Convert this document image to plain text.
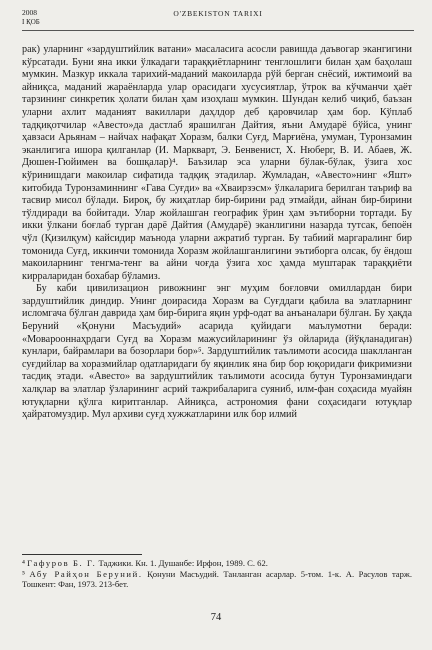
2008
I ҚОБ
O'ZBEKISTON TARIXI

рак) уларнинг «зардуштийлик ватани» масаласига асосли равишда даъвогар экангигини кўрсатади. Буни яна икки ўлкадаги тараққиётларнинг тенглошлиги билан ҳам баҳолаш мумкин. Мазкур иккала тарихий-маданий макоиларда рўй берган снёсий, ижтимоий ва айниқса, маданий жараёнларда улар орасидаги хусусиятлар, ўтрок ва кўчманчи ҳаёт тарзининг синкретик ҳолати билан ҳам изоҳлаш мумкин. Шундан келиб чиқиб, баъзан уларни ахлит маданият вакиллари даҳлдор деб қаровчилар ҳам бор. Кўплаб тадқиқотчилар «Авесто»да дастлаб ярашилган Дайтия, яъни Амударё бўйса, унинг ҳавзаси Арьянам – найчах нафақат Хоразм, балки Суғд, Марғиёна, умуман, Туронзамин эканлигига ишора қилганлар (И. Маркварт, Э. Бенвенист, Х. Нюберг, В. И. Абаев, Ж. Дюшен-Гюйимен ва бошқалар)⁴. Баъзилар эса уларни бўлак-бўлак, ўзига хос кўринишдаги макоилар сифатида тадқиқ этадилар. Жумладан, «Авесто»нинг «Яшт» китобида Туронзаминнинг «Гава Суғди» ва «Хваирзэсм» ўлкаларига берилган таъриф ва тасвир мисол бўлади. Бироқ, бу жиҳатлар бир-бирини рад этмайди, айнан бир-бирини тўлдиради ва бойитади. Улар жойлашган географик ўрин ҳам эътиборни тортади. Бу икки ўлкани боғлаб турган дарё Дайтия (Амударё) эканлигини назарда тутсак, бепоён чўл (Қизилқум) кайсидир маънода уларни ажратиб турган. Бу табиий маргаралинг бир томонида Суғд, иккинчи томонида Хоразм жойлашганлигини эътиборга олсак, бу ёндош макоиларнинг тенгма-тенг ва айни чоғда ўзига хос ҳамда муштарак тараққиёти кирраларидан бохабар бўламиз.

Бу каби цивилизацион ривожнинг энг муҳим боғловчи омиллардан бири зардуштийлик диндир. Унинг доирасида Хоразм ва Суғддаги қабила ва элатларнинг исломгача бўлган даврида ҳам бир-бирига яқин урф-одат ва анъаналари бўлган. Бу ҳақда Беруний «Қонуни Масъудий» асарида қуйидаги маълумотни беради: «Моварооннаҳрдаги Суғд ва Хоразм мажусийларининг ўз ойларида (йўқланадиган) кунлари, байрамлари ва бозорлари бор»⁵. Зардуштийлик таълимоти асосида шаклланган суғдийлар ва хоразмийлар одатларидаги бу яқинлик яна бир бор юқоридаги фикримизни тасдиқ этади. «Авесто» ва зардуштийлик таълимоти асосида бутун Туронзаминдаги халқлар ва элатлар ўзларининг асрий тажрибаларига суяниб, илм-фан соҳасида муайян ютуқларни қўлга киритганлар. Айниқса, астрономия фани соҳасидаги ютуқлар ҳайратомуздир. Мул архиви суғд хужжатларини илк бор илмий

⁴ Гафуров Б. Г. Таджики. Кн. 1. Душанбе: Ирфон, 1989. С. 62.

⁵ Абу Райҳон Беруний. Қонуни Масъудий. Танланган асарлар. 5-том. 1-к. А. Расулов тарж. Тошкент: Фан, 1973. 213-бет.

74
